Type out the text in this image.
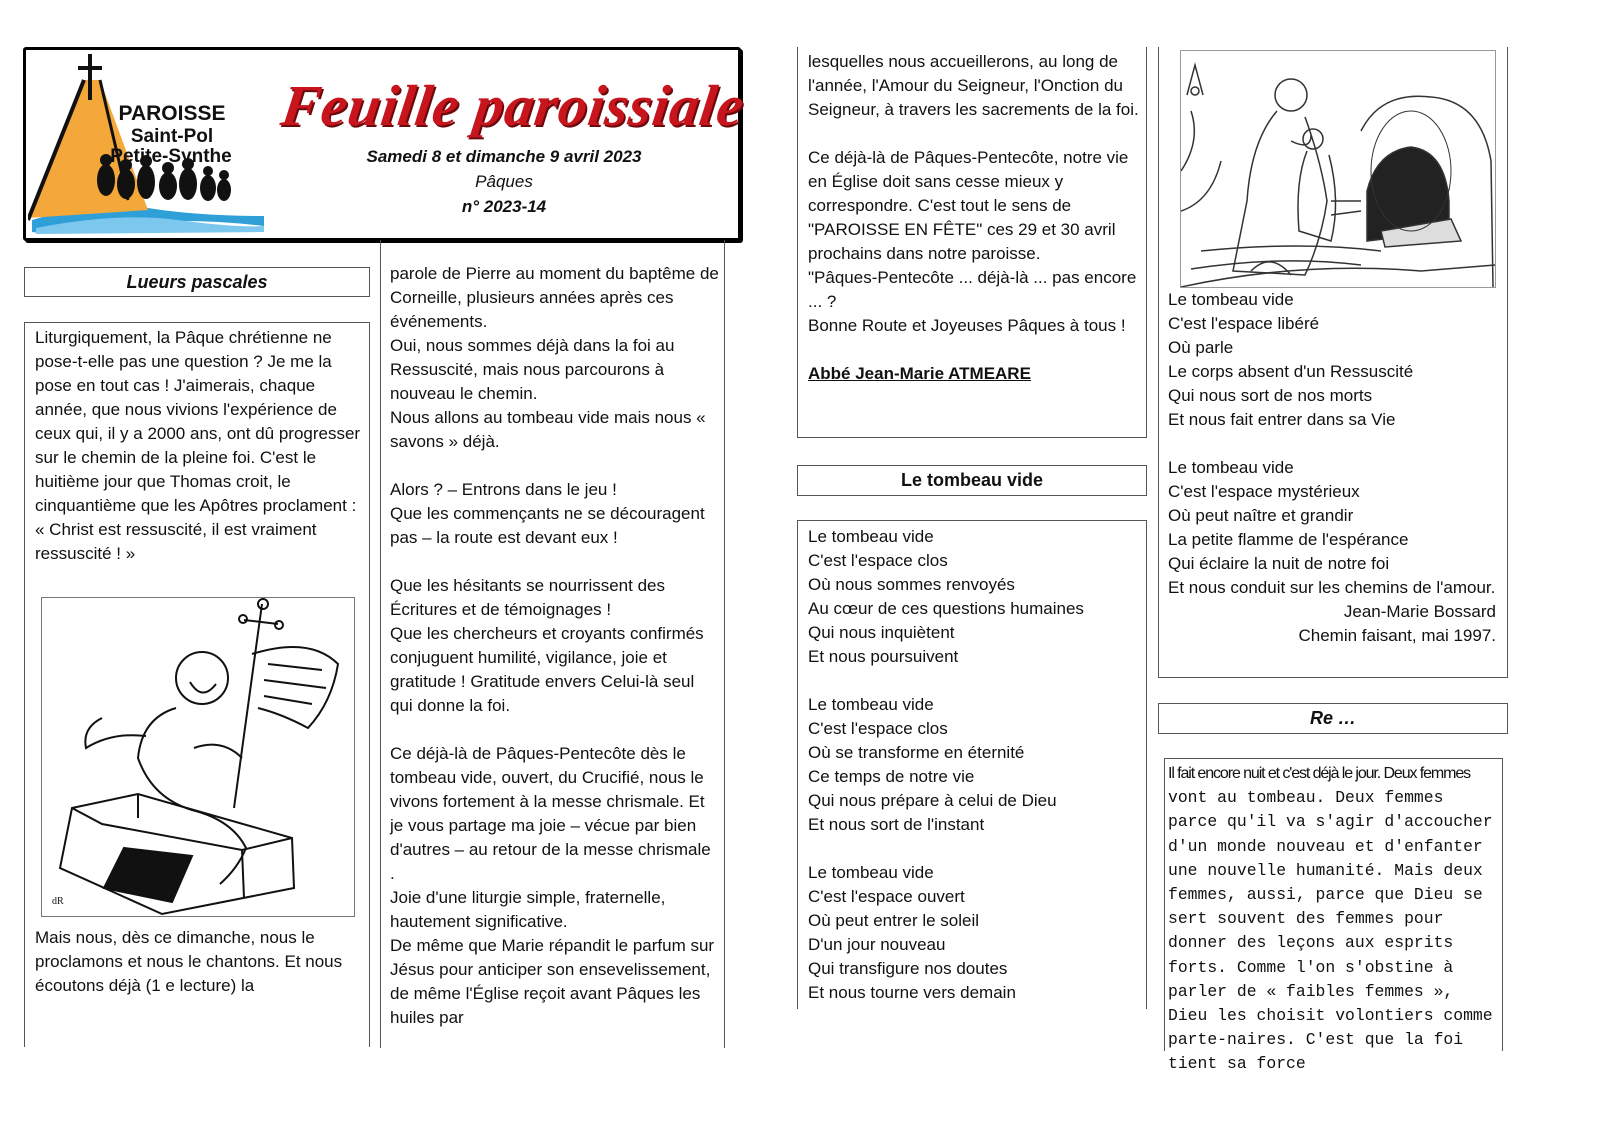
PAROISSE
Saint-Pol
Petite-Synthe
Feuille paroissiale
Samedi 8 et dimanche 9 avril 2023
Pâques
n° 2023-14
Lueurs pascales
Liturgiquement, la Pâque chrétienne ne pose-t-elle pas une question ? Je me la pose en tout cas ! J'aimerais, chaque année, que nous vivions l'expérience de ceux qui, il y a 2000 ans, ont dû progresser sur le chemin de la pleine foi. C'est le huitième jour que Thomas croit, le cinquantième que les Apôtres proclament : « Christ est ressuscité, il est vraiment ressuscité ! »
dR
Mais nous, dès ce dimanche, nous le proclamons et nous le chantons. Et nous écoutons déjà (1 e lecture) la

parole de Pierre au moment du baptême de Corneille, plusieurs années après ces événements.

Oui, nous sommes déjà dans la foi au Ressuscité, mais nous parcourons à nouveau le chemin.

Nous allons au tombeau vide mais nous « savons » déjà.

Alors ? – Entrons dans le jeu !

Que les commençants ne se découragent pas – la route est devant eux !

Que les hésitants se nourrissent des Écritures et de témoignages !

Que les chercheurs et croyants confirmés conjuguent humilité, vigilance, joie et gratitude ! Gratitude envers Celui-là seul qui donne la foi.

Ce déjà-là de Pâques-Pentecôte dès le tombeau vide, ouvert, du Crucifié, nous le vivons fortement à la messe chrismale. Et je vous partage ma joie – vécue par bien d'autres – au retour de la messe chrismale .

Joie d'une liturgie simple, fraternelle, hautement significative.

De même que Marie répandit le parfum sur Jésus pour anticiper son ensevelissement, de même l'Église reçoit avant Pâques les huiles par

lesquelles nous accueillerons, au long de l'année, l'Amour du Seigneur, l'Onction du Seigneur, à travers les sacrements de la foi.

Ce déjà-là de Pâques-Pentecôte, notre vie en Église doit sans cesse mieux y correspondre. C'est tout le sens de "PAROISSE EN FÊTE" ces 29 et 30 avril prochains dans notre paroisse.

"Pâques-Pentecôte ... déjà-là ... pas encore ... ?

Bonne Route et Joyeuses Pâques à tous !

Abbé Jean-Marie ATMEARE

Le tombeau vide

Le tombeau vide

C'est l'espace clos

Où nous sommes renvoyés

Au cœur de ces questions humaines

Qui nous inquiètent

Et nous poursuivent

Le tombeau vide

C'est l'espace clos

Où se transforme en éternité

Ce temps de notre vie

Qui nous prépare à celui de Dieu

Et nous sort de l'instant

Le tombeau vide

C'est l'espace ouvert

Où peut entrer le soleil

D'un jour nouveau

Qui transfigure nos doutes

Et nous tourne vers demain

Le tombeau vide

C'est l'espace libéré

Où parle

Le corps absent d'un Ressuscité

Qui nous sort de nos morts

Et nous fait entrer dans sa Vie

Le tombeau vide

C'est l'espace mystérieux

Où peut naître et grandir

La petite flamme de l'espérance

Qui éclaire la nuit de notre foi

Et nous conduit sur les chemins de l'amour.

Jean-Marie Bossard

Chemin faisant, mai 1997.

Re …
Il fait encore nuit et c'est déjà le jour. Deux femmes vont au tombeau. Deux femmes parce qu'il va s'agir d'accoucher d'un monde nouveau et d'enfanter une nouvelle humanité. Mais deux femmes, aussi, parce que Dieu se sert souvent des femmes pour donner des leçons aux esprits forts. Comme l'on s'obstine à parler de « faibles femmes », Dieu les choisit volontiers comme parte-naires. C'est que la foi tient sa force
